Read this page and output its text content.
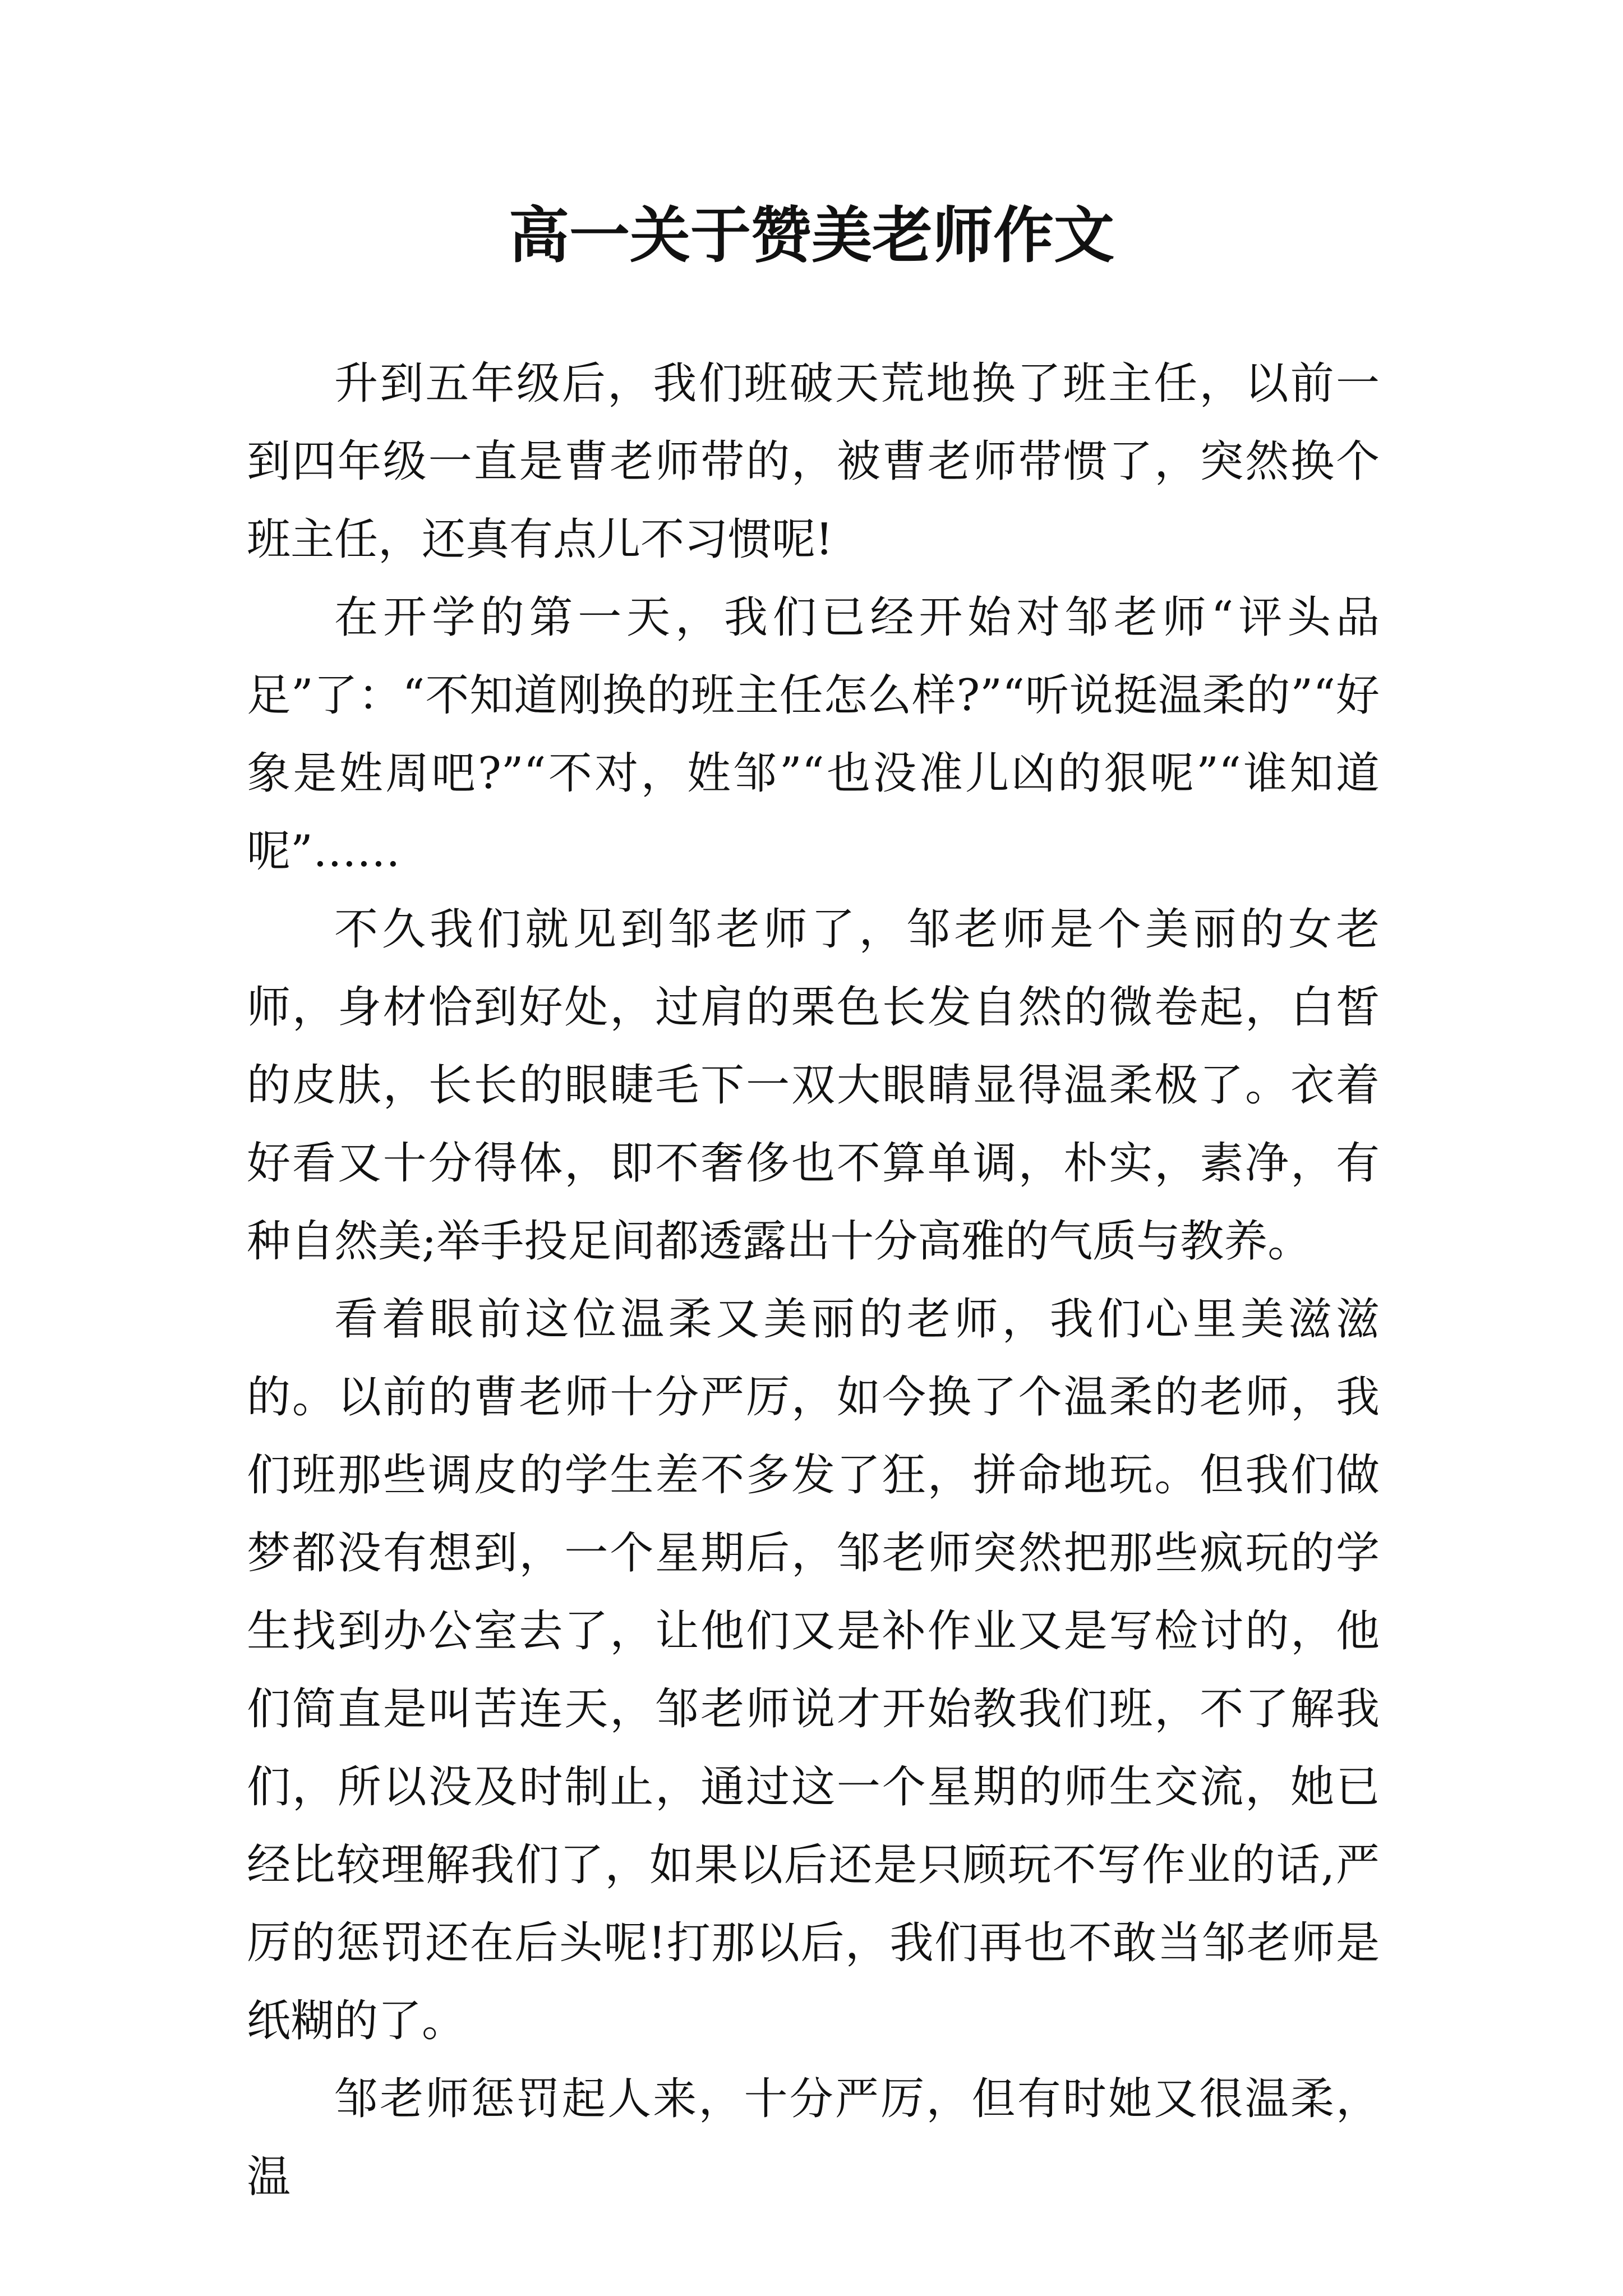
高一关于赞美老师作文

升到五年级后，我们班破天荒地换了班主任，以前一到四年级一直是曹老师带的，被曹老师带惯了，突然换个班主任，还真有点儿不习惯呢!

在开学的第一天，我们已经开始对邹老师“评头品足”了：“不知道刚换的班主任怎么样?”“听说挺温柔的”“好象是姓周吧?”“不对，姓邹”“也没准儿凶的狠呢”“谁知道呢”……

不久我们就见到邹老师了，邹老师是个美丽的女老师，身材恰到好处，过肩的栗色长发自然的微卷起，白皙的皮肤，长长的眼睫毛下一双大眼睛显得温柔极了。衣着好看又十分得体，即不奢侈也不算单调，朴实，素净，有种自然美;举手投足间都透露出十分高雅的气质与教养。

看着眼前这位温柔又美丽的老师，我们心里美滋滋的。以前的曹老师十分严厉，如今换了个温柔的老师，我们班那些调皮的学生差不多发了狂，拼命地玩。但我们做梦都没有想到，一个星期后，邹老师突然把那些疯玩的学生找到办公室去了，让他们又是补作业又是写检讨的，他们简直是叫苦连天，邹老师说才开始教我们班，不了解我们，所以没及时制止，通过这一个星期的师生交流，她已经比较理解我们了，如果以后还是只顾玩不写作业的话,严厉的惩罚还在后头呢!打那以后，我们再也不敢当邹老师是纸糊的了。

邹老师惩罚起人来，十分严厉，但有时她又很温柔，温
